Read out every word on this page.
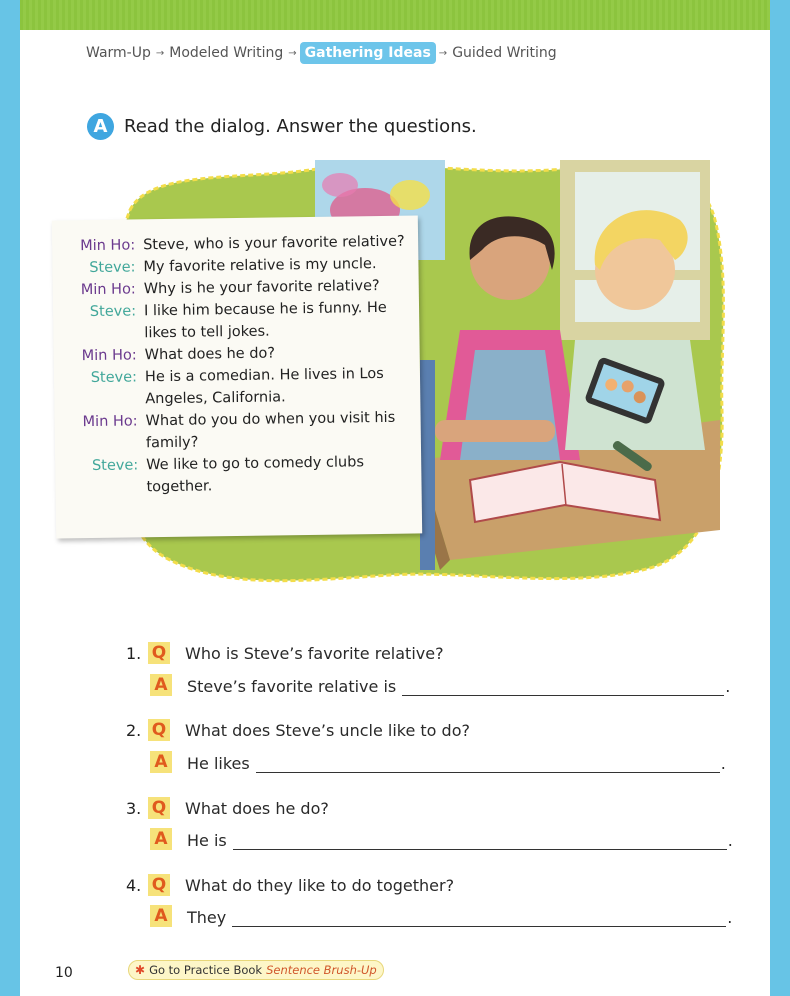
Warm-Up → Modeled Writing → Gathering Ideas → Guided Writing
A Read the dialog. Answer the questions.
Min Ho: Steve, who is your favorite relative?
Steve: My favorite relative is my uncle.
Min Ho: Why is he your favorite relative?
Steve: I like him because he is funny. He likes to tell jokes.
Min Ho: What does he do?
Steve: He is a comedian. He lives in Los Angeles, California.
Min Ho: What do you do when you visit his family?
Steve: We like to go to comedy clubs together.
1. Q Who is Steve’s favorite relative?
A Steve’s favorite relative is	.
2. Q What does Steve’s uncle like to do?
A He likes	.
3. Q What does he do?
A He is	.
4. Q What do they like to do together?
A They	.
10	✱ Go to Practice Book Sentence Brush-Up
